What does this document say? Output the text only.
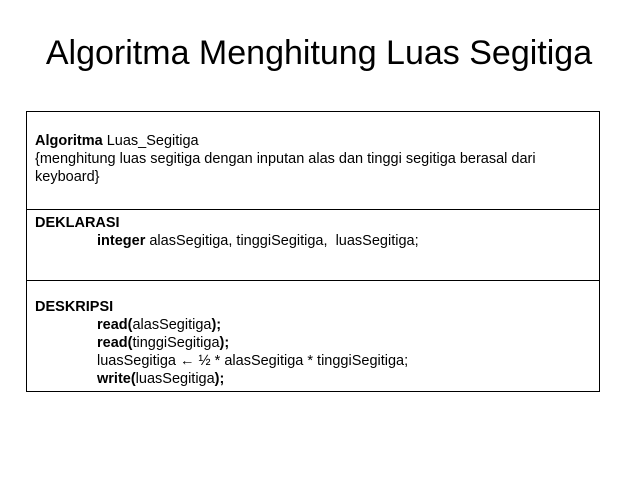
Algoritma Menghitung Luas Segitiga
Algoritma Luas_Segitiga
{menghitung luas segitiga dengan inputan alas dan tinggi segitiga berasal dari keyboard}

DEKLARASI
integer alasSegitiga, tinggiSegitiga,  luasSegitiga;

DESKRIPSI
read(alasSegitiga);
read(tinggiSegitiga);
luasSegitiga ← ½ * alasSegitiga * tinggiSegitiga;
write(luasSegitiga);
